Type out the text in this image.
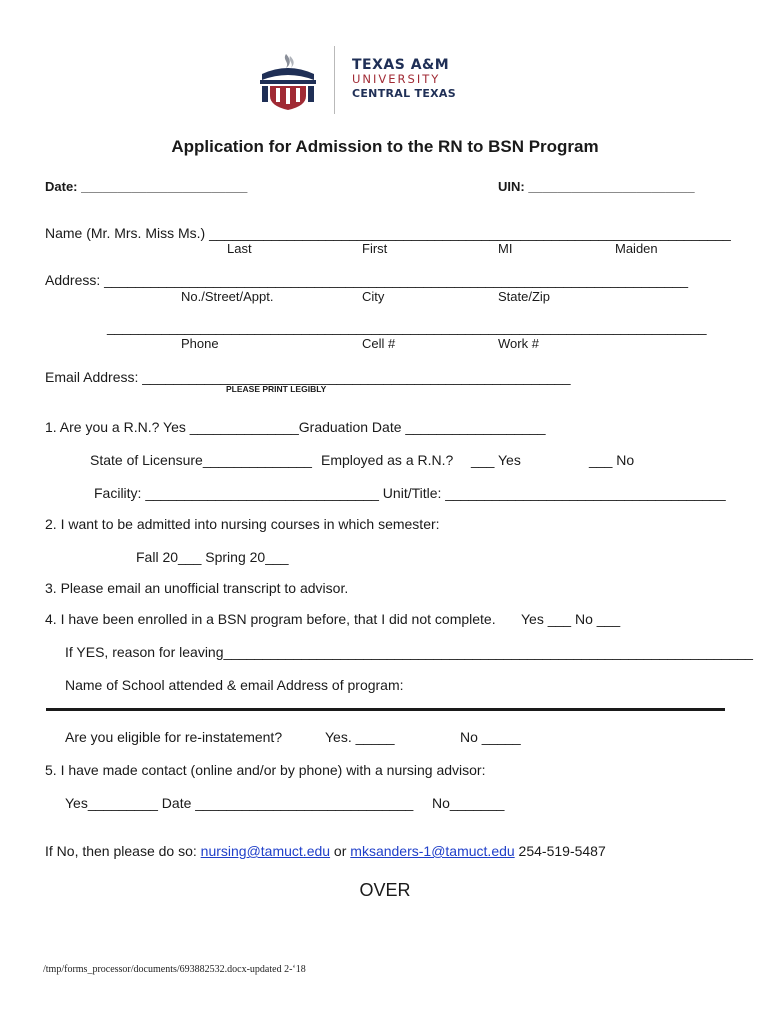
TEXAS A&M
UNIVERSITY
CENTRAL TEXAS
Application for Admission to the RN to BSN Program
Date: _______________________	UIN: _______________________
Name (Mr. Mrs. Miss Ms.) ___________________________________________________________________
Last	First	MI	Maiden
Address: ___________________________________________________________________________
No./Street/Appt.	City	State/Zip
_____________________________________________________________________________
Phone	Cell #	Work #
Email Address: _______________________________________________________
PLEASE PRINT LEGIBLY
1. Are you a R.N.? Yes ______________Graduation Date __________________
State of Licensure______________ Employed as a R.N.? ___ Yes	___ No
Facility: ______________________________ Unit/Title: ____________________________________
2. I want to be admitted into nursing courses in which semester:
Fall 20___ Spring 20___
3. Please email an unofficial transcript to advisor.
4. I have been enrolled in a BSN program before, that I did not complete. Yes ___ No ___
If YES, reason for leaving____________________________________________________________________
Name of School attended & email Address of program:
Are you eligible for re-instatement?	Yes. _____	No _____
5. I have made contact (online and/or by phone) with a nursing advisor:
Yes_________ Date ____________________________ No_______
If No, then please do so: nursing@tamuct.edu or mksanders-1@tamuct.edu 254-519-5487
OVER
/tmp/forms_processor/documents/693882532.docx-updated 2-‘18
